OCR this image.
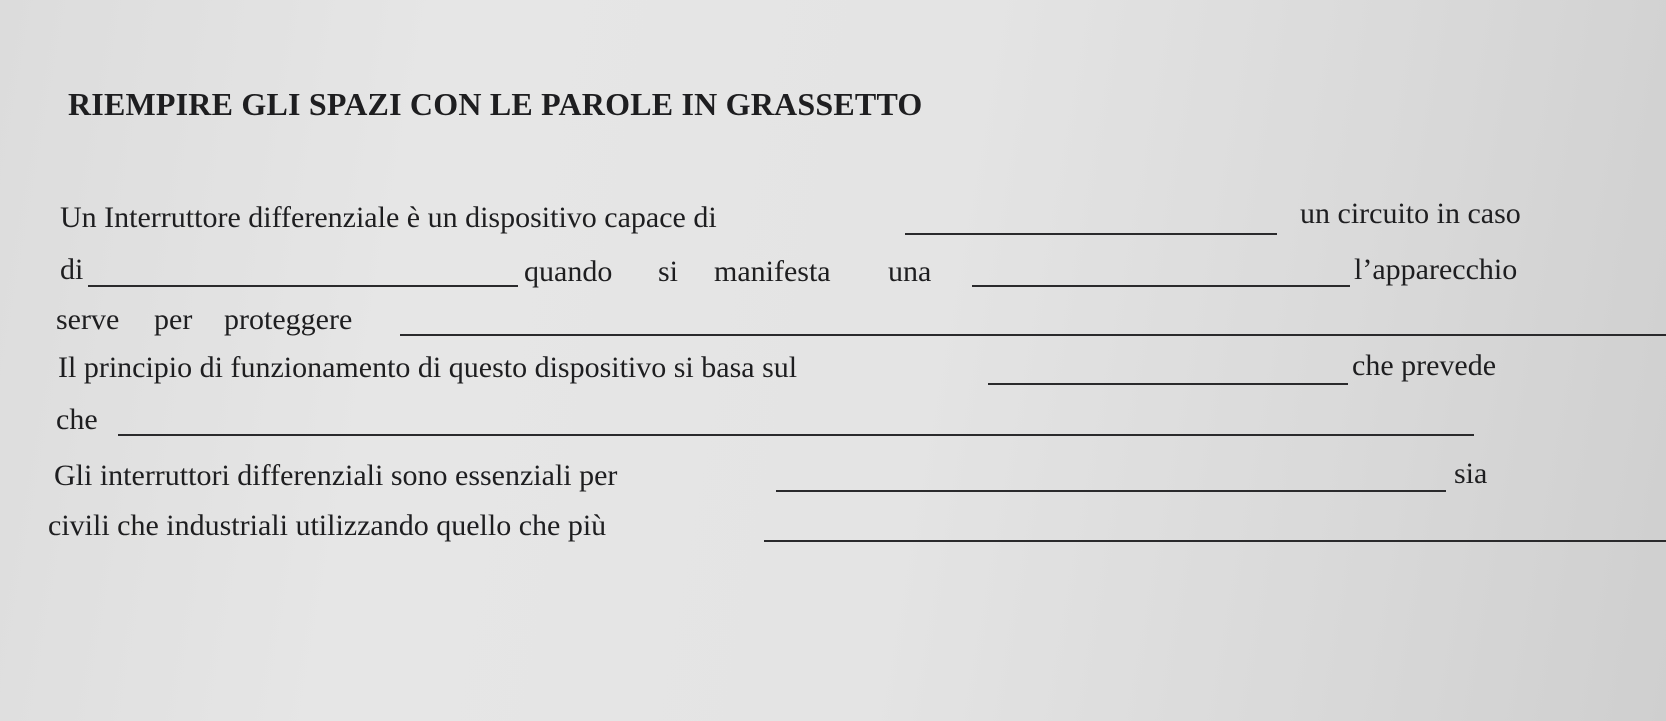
RIEMPIRE GLI SPAZI CON LE PAROLE IN GRASSETTO
Un Interruttore differenziale è un dispositivo capace di	un circuito in caso
di	quando si manifesta una	l’apparecchio
serve per proteggere
Il principio di funzionamento di questo dispositivo si basa sul	che prevede
che
Gli interruttori differenziali sono essenziali per	sia
civili che industriali utilizzando quello che più
